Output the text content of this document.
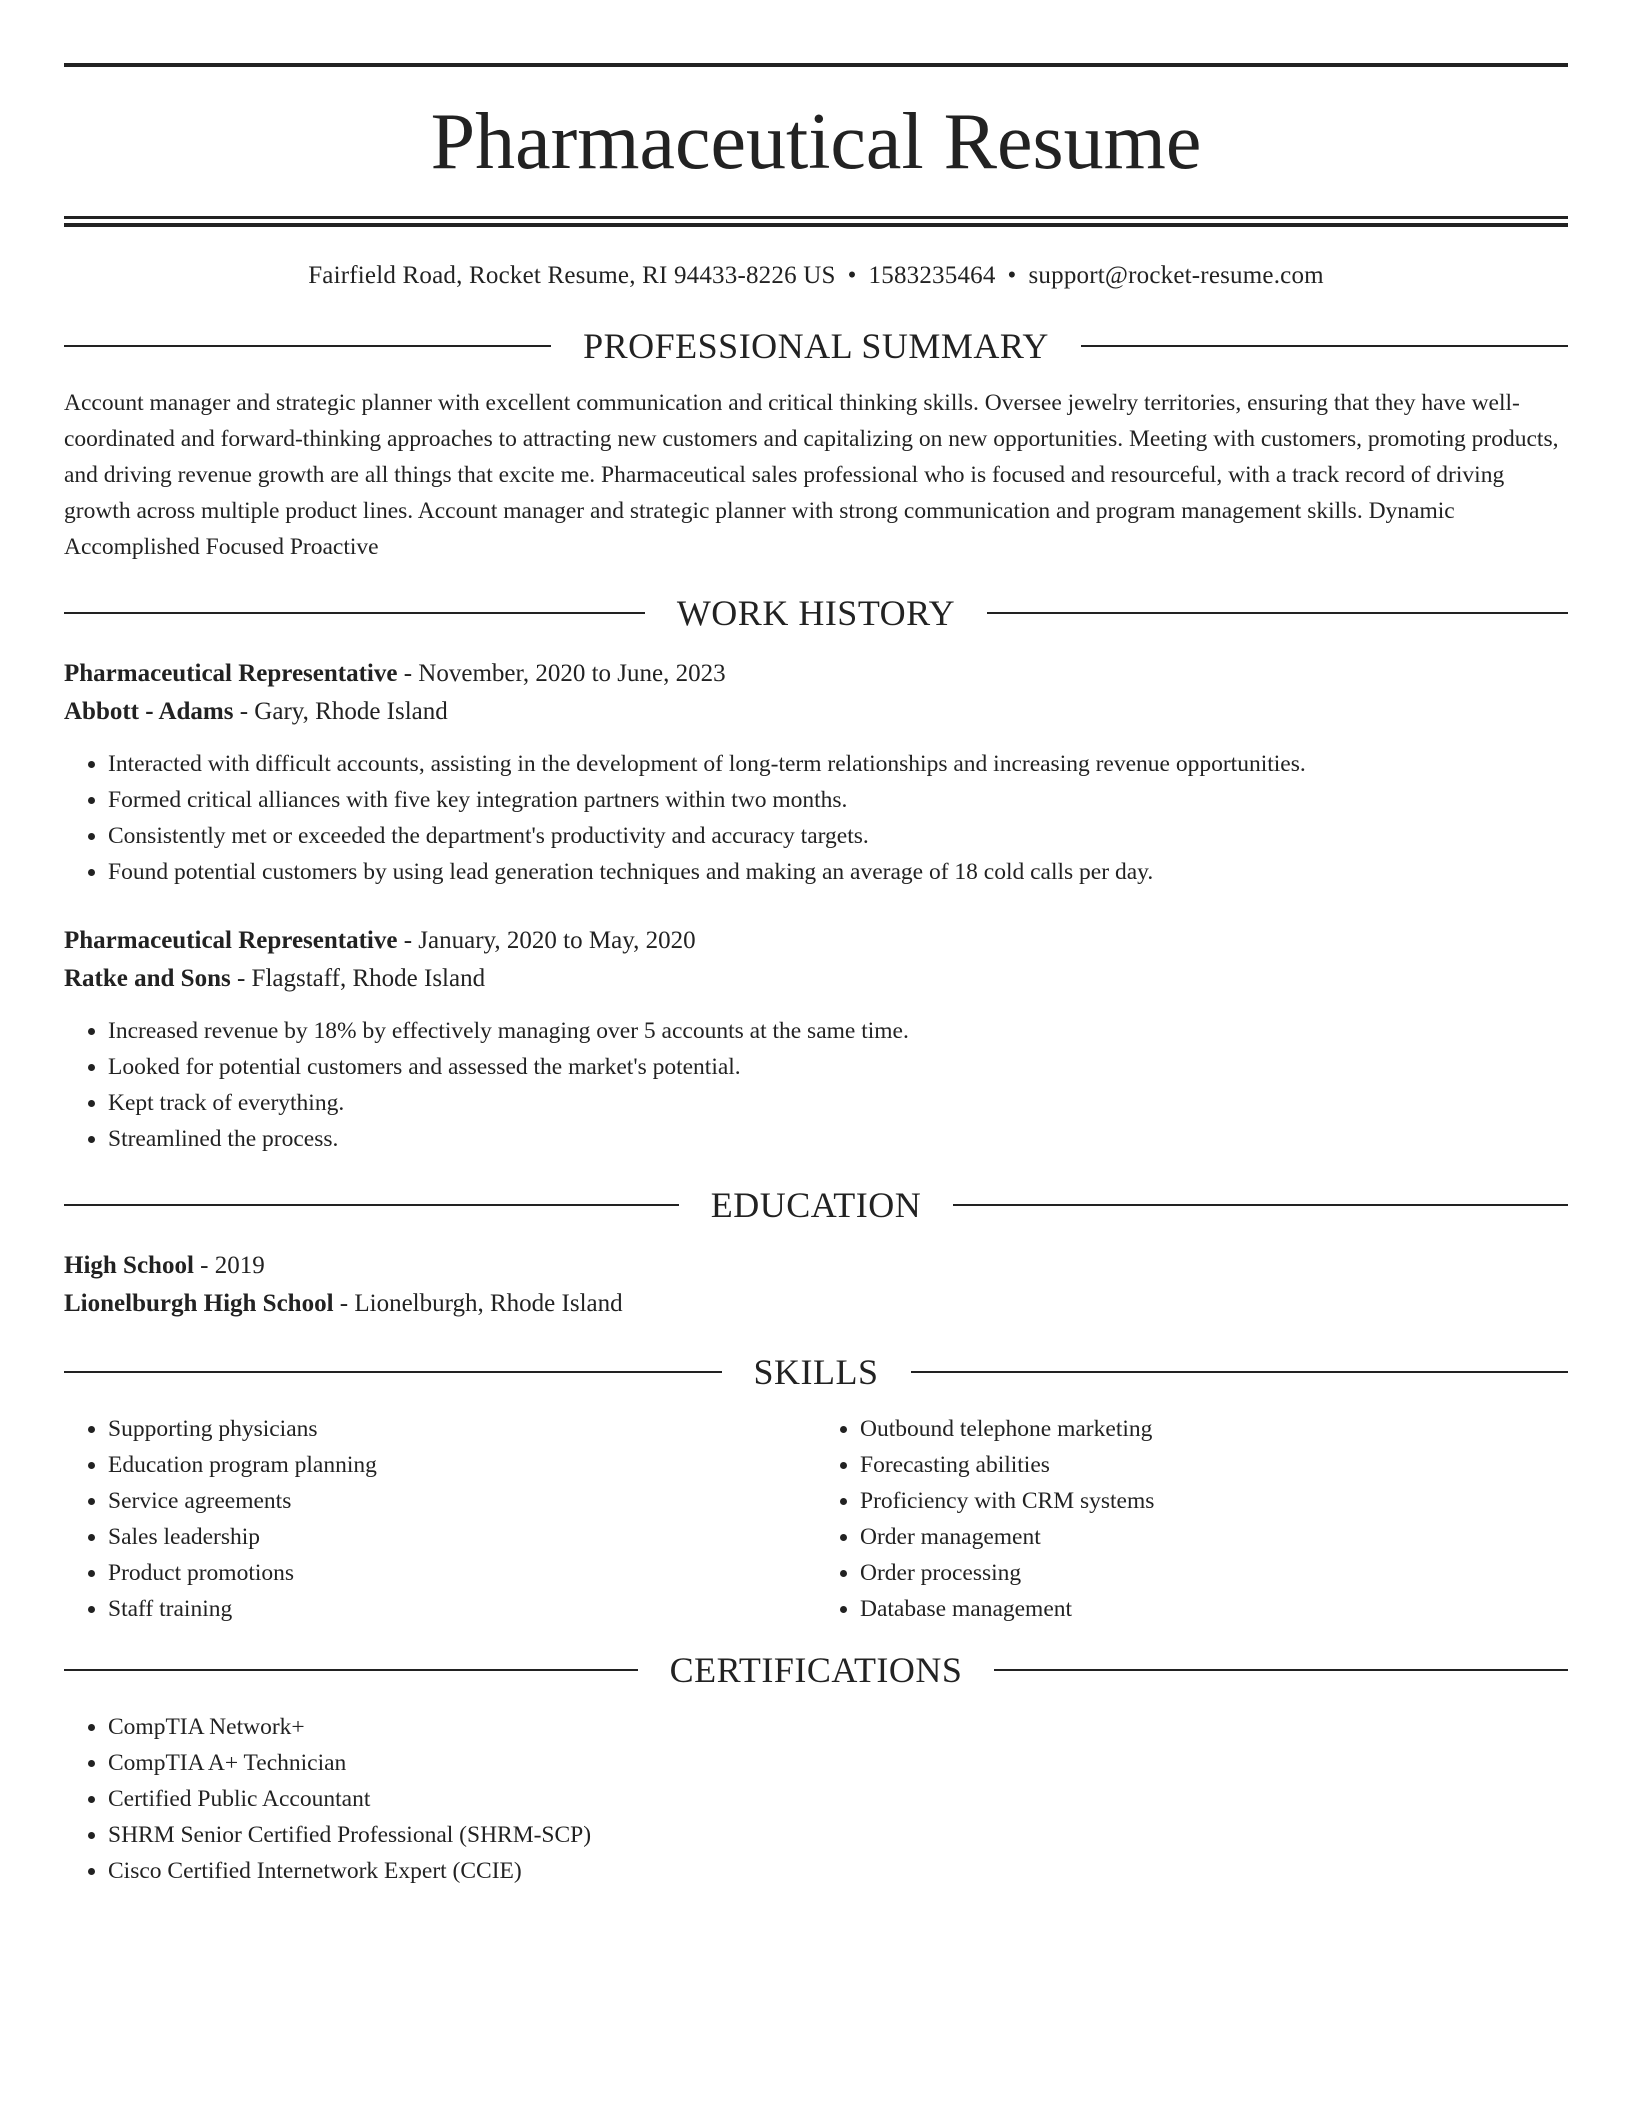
Pharmaceutical Resume
Fairfield Road, Rocket Resume, RI 94433-8226 US • 1583235464 • support@rocket-resume.com
PROFESSIONAL SUMMARY

Account manager and strategic planner with excellent communication and critical thinking skills. Oversee jewelry territories, ensuring that they have well-coordinated and forward-thinking approaches to attracting new customers and capitalizing on new opportunities. Meeting with customers, promoting products, and driving revenue growth are all things that excite me. Pharmaceutical sales professional who is focused and resourceful, with a track record of driving growth across multiple product lines. Account manager and strategic planner with strong communication and program management skills. Dynamic Accomplished Focused Proactive

WORK HISTORY
Pharmaceutical Representative - November, 2020 to June, 2023
Abbott - Adams - Gary, Rhode Island
• Interacted with difficult accounts, assisting in the development of long-term relationships and increasing revenue opportunities.
• Formed critical alliances with five key integration partners within two months.
• Consistently met or exceeded the department's productivity and accuracy targets.
• Found potential customers by using lead generation techniques and making an average of 18 cold calls per day.
Pharmaceutical Representative - January, 2020 to May, 2020
Ratke and Sons - Flagstaff, Rhode Island
• Increased revenue by 18% by effectively managing over 5 accounts at the same time.
• Looked for potential customers and assessed the market's potential.
• Kept track of everything.
• Streamlined the process.
EDUCATION
High School - 2019
Lionelburgh High School - Lionelburgh, Rhode Island
SKILLS
• Supporting physicians
• Education program planning
• Service agreements
• Sales leadership
• Product promotions
• Staff training
• Outbound telephone marketing
• Forecasting abilities
• Proficiency with CRM systems
• Order management
• Order processing
• Database management
CERTIFICATIONS
• CompTIA Network+
• CompTIA A+ Technician
• Certified Public Accountant
• SHRM Senior Certified Professional (SHRM-SCP)
• Cisco Certified Internetwork Expert (CCIE)
